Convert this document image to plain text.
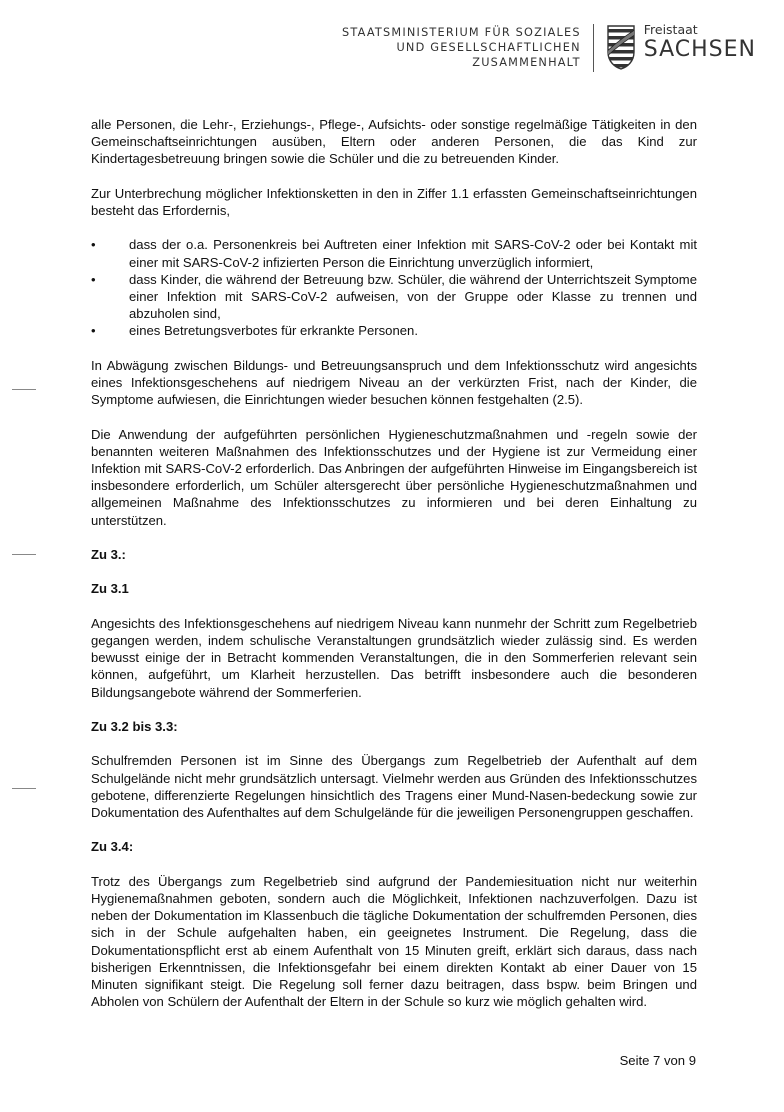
STAATSMINISTERIUM FÜR SOZIALES
UND GESELLSCHAFTLICHEN
ZUSAMMENHALT
Freistaat
SACHSEN

alle Personen, die Lehr-, Erziehungs-, Pflege-, Aufsichts- oder sonstige regelmäßige Tätigkeiten in den Gemeinschaftseinrichtungen ausüben, Eltern oder anderen Personen, die das Kind zur Kindertagesbetreuung bringen sowie die Schüler und die zu betreuenden Kinder.

Zur Unterbrechung möglicher Infektionsketten in den in Ziffer 1.1 erfassten Gemeinschaftseinrichtungen besteht das Erfordernis,

•	dass der o.a. Personenkreis bei Auftreten einer Infektion mit SARS-CoV-2 oder bei Kontakt mit einer mit SARS-CoV-2 infizierten Person die Einrichtung unverzüglich informiert,
•	dass Kinder, die während der Betreuung bzw. Schüler, die während der Unterrichtszeit Symptome einer Infektion mit SARS-CoV-2 aufweisen, von der Gruppe oder Klasse zu trennen und abzuholen sind,
•	eines Betretungsverbotes für erkrankte Personen.

In Abwägung zwischen Bildungs- und Betreuungsanspruch und dem Infektionsschutz wird angesichts eines Infektionsgeschehens auf niedrigem Niveau an der verkürzten Frist, nach der Kinder, die Symptome aufwiesen, die Einrichtungen wieder besuchen können festgehalten (2.5).

Die Anwendung der aufgeführten persönlichen Hygieneschutzmaßnahmen und -regeln sowie der benannten weiteren Maßnahmen des Infektionsschutzes und der Hygiene ist zur Vermeidung einer Infektion mit SARS-CoV-2 erforderlich. Das Anbringen der aufgeführten Hinweise im Eingangsbereich ist insbesondere erforderlich, um Schüler altersgerecht über persönliche Hygieneschutzmaßnahmen und allgemeinen Maßnahme des Infektionsschutzes zu informieren und bei deren Einhaltung zu unterstützen.

Zu 3.:

Zu 3.1

Angesichts des Infektionsgeschehens auf niedrigem Niveau kann nunmehr der Schritt zum Regelbetrieb gegangen werden, indem schulische Veranstaltungen grundsätzlich wieder zulässig sind. Es werden bewusst einige der in Betracht kommenden Veranstaltungen, die in den Sommerferien relevant sein können, aufgeführt, um Klarheit herzustellen. Das betrifft insbesondere auch die besonderen Bildungsangebote während der Sommerferien.

Zu 3.2 bis 3.3:

Schulfremden Personen ist im Sinne des Übergangs zum Regelbetrieb der Aufenthalt auf dem Schulgelände nicht mehr grundsätzlich untersagt. Vielmehr werden aus Gründen des Infektionsschutzes gebotene, differenzierte Regelungen hinsichtlich des Tragens einer Mund-Nasen-bedeckung sowie zur Dokumentation des Aufenthaltes auf dem Schulgelände für die jeweiligen Personengruppen geschaffen.

Zu 3.4:

Trotz des Übergangs zum Regelbetrieb sind aufgrund der Pandemiesituation nicht nur weiterhin Hygienemaßnahmen geboten, sondern auch die Möglichkeit, Infektionen nachzuverfolgen. Dazu ist neben der Dokumentation im Klassenbuch die tägliche Dokumentation der schulfremden Personen, dies sich in der Schule aufgehalten haben, ein geeignetes Instrument. Die Regelung, dass die Dokumentationspflicht erst ab einem Aufenthalt von 15 Minuten greift, erklärt sich daraus, dass nach bisherigen Erkenntnissen, die Infektionsgefahr bei einem direkten Kontakt ab einer Dauer von 15 Minuten signifikant steigt. Die Regelung soll ferner dazu beitragen, dass bspw. beim Bringen und Abholen von Schülern der Aufenthalt der Eltern in der Schule so kurz wie möglich gehalten wird.

Seite 7 von 9
